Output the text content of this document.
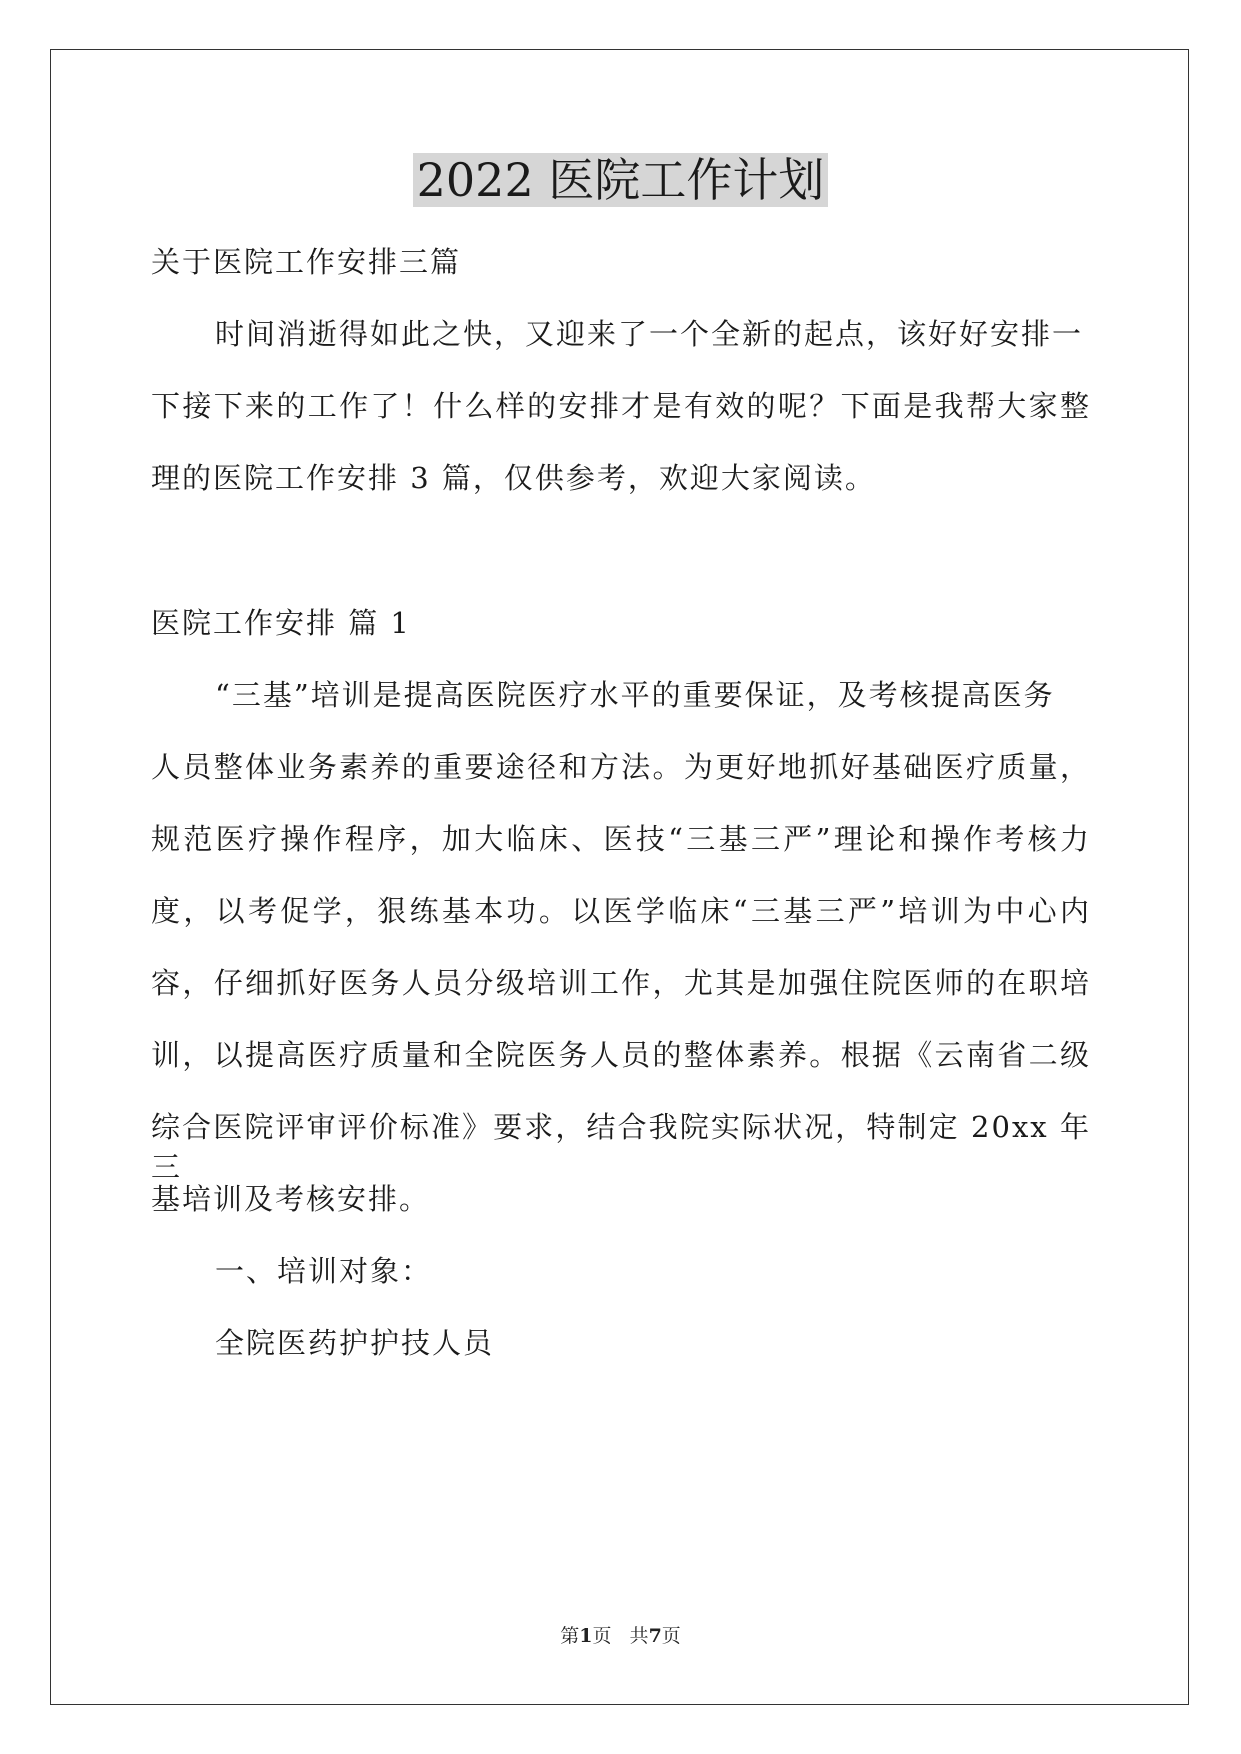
2022 医院工作计划
关于医院工作安排三篇
时间消逝得如此之快，又迎来了一个全新的起点，该好好安排一
下接下来的工作了！什么样的安排才是有效的呢？下面是我帮大家整
理的医院工作安排 3 篇，仅供参考，欢迎大家阅读。
医院工作安排 篇 1
“三基”培训是提高医院医疗水平的重要保证，及考核提高医务
人员整体业务素养的重要途径和方法。为更好地抓好基础医疗质量，
规范医疗操作程序，加大临床、医技“三基三严”理论和操作考核力
度，以考促学，狠练基本功。以医学临床“三基三严”培训为中心内
容，仔细抓好医务人员分级培训工作，尤其是加强住院医师的在职培
训，以提高医疗质量和全院医务人员的整体素养。根据《云南省二级
综合医院评审评价标准》要求，结合我院实际状况，特制定 20xx 年三
基培训及考核安排。
一、培训对象：
全院医药护护技人员
第1页   共7页
